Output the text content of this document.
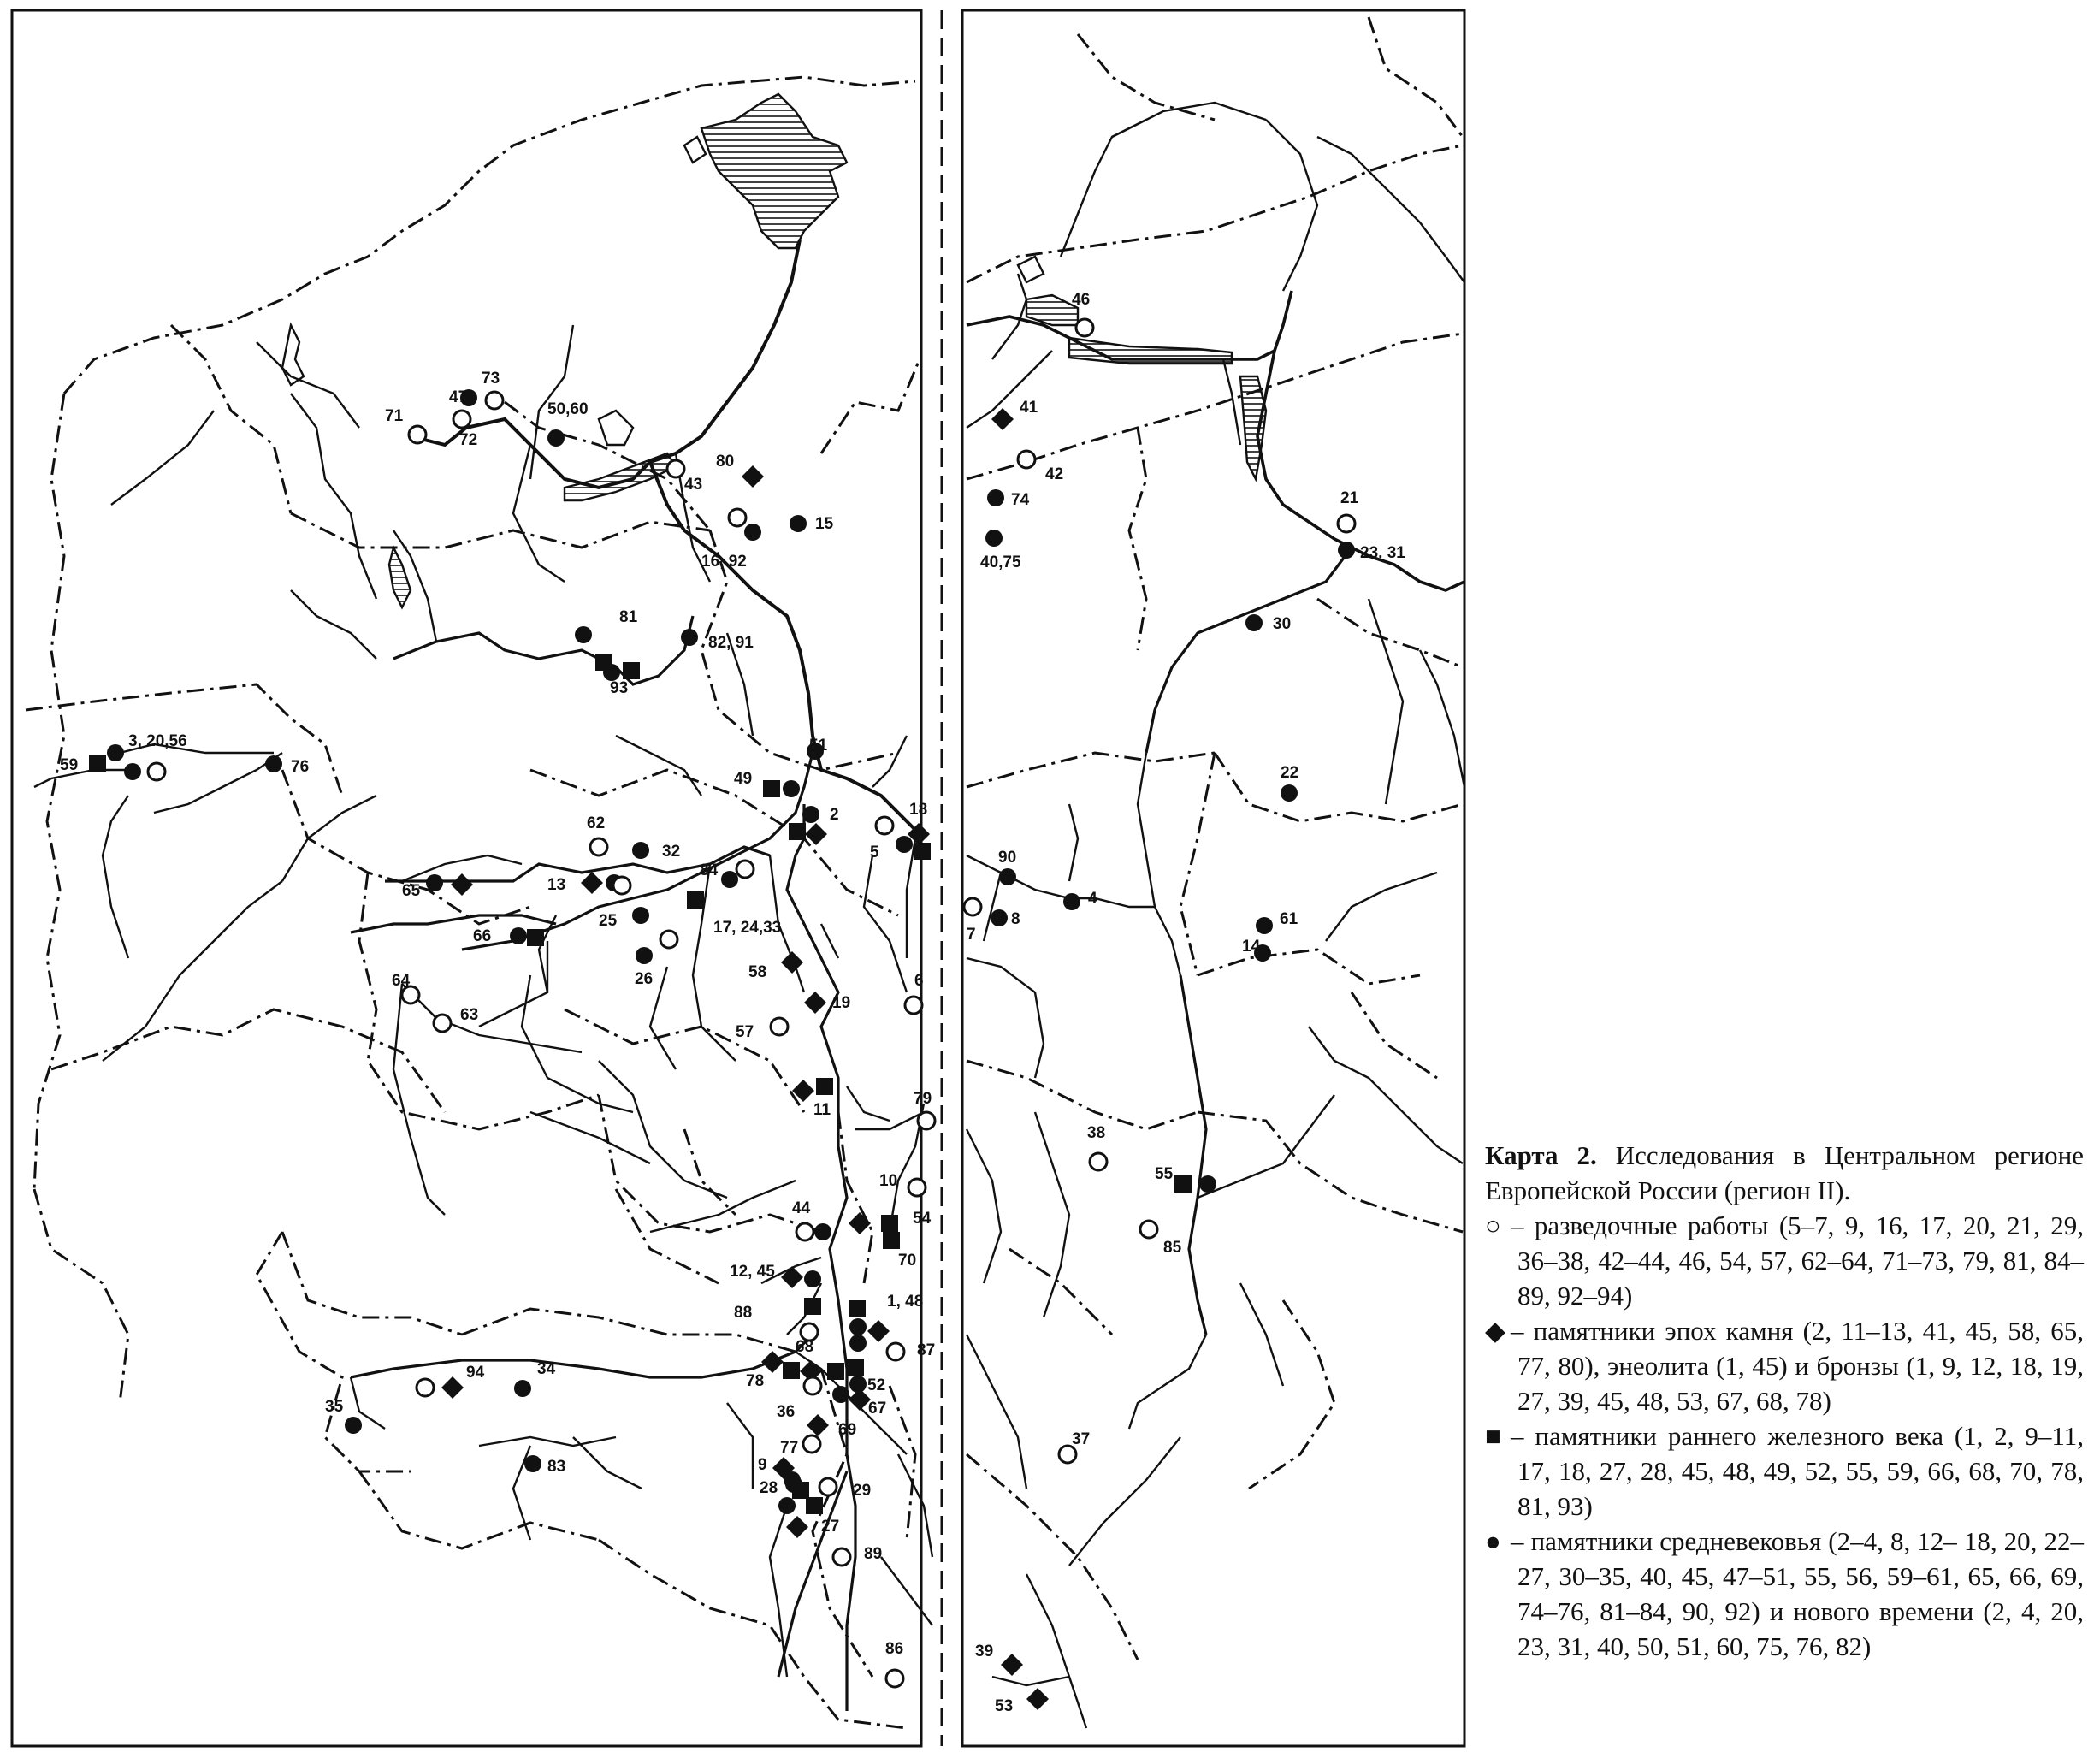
47
73
71
72
50,60
80
43
15
16, 92
81
82, 91
93
3, 20,56
59	76
51
49
2	18
5
62
32
84
65	13
25	17, 24,33
66
26	58
19
6
64
63
57
11
79
10
54
44
70
12, 45
1, 48
88
68	87
94	34
35
78	52
67
36
69
77
9
83
28	29
27
89
86
46
41
42
74
40,75
21
23, 31
30
22
90
4
7
8	61
14
38
55
85
37
39
53

Карта 2. Исследования в Центральном регионе Европейской России (регион II).

○ – разведочные работы (5–7, 9, 16, 17, 20, 21, 29, 36–38, 42–44, 46, 54, 57, 62–64, 71–73, 79, 81, 84–89, 92–94)

◆ – памятники эпох камня (2, 11–13, 41, 45, 58, 65, 77, 80), энеолита (1, 45) и бронзы (1, 9, 12, 18, 19, 27, 39, 45, 48, 53, 67, 68, 78)

■ – памятники раннего железного века (1, 2, 9–11, 17, 18, 27, 28, 45, 48, 49, 52, 55, 59, 66, 68, 70, 78, 81, 93)

● – памятники средневековья (2–4, 8, 12– 18, 20, 22–27, 30–35, 40, 45, 47–51, 55, 56, 59–61, 65, 66, 69, 74–76, 81–84, 90, 92) и нового времени (2, 4, 20, 23, 31, 40, 50, 51, 60, 75, 76, 82)
